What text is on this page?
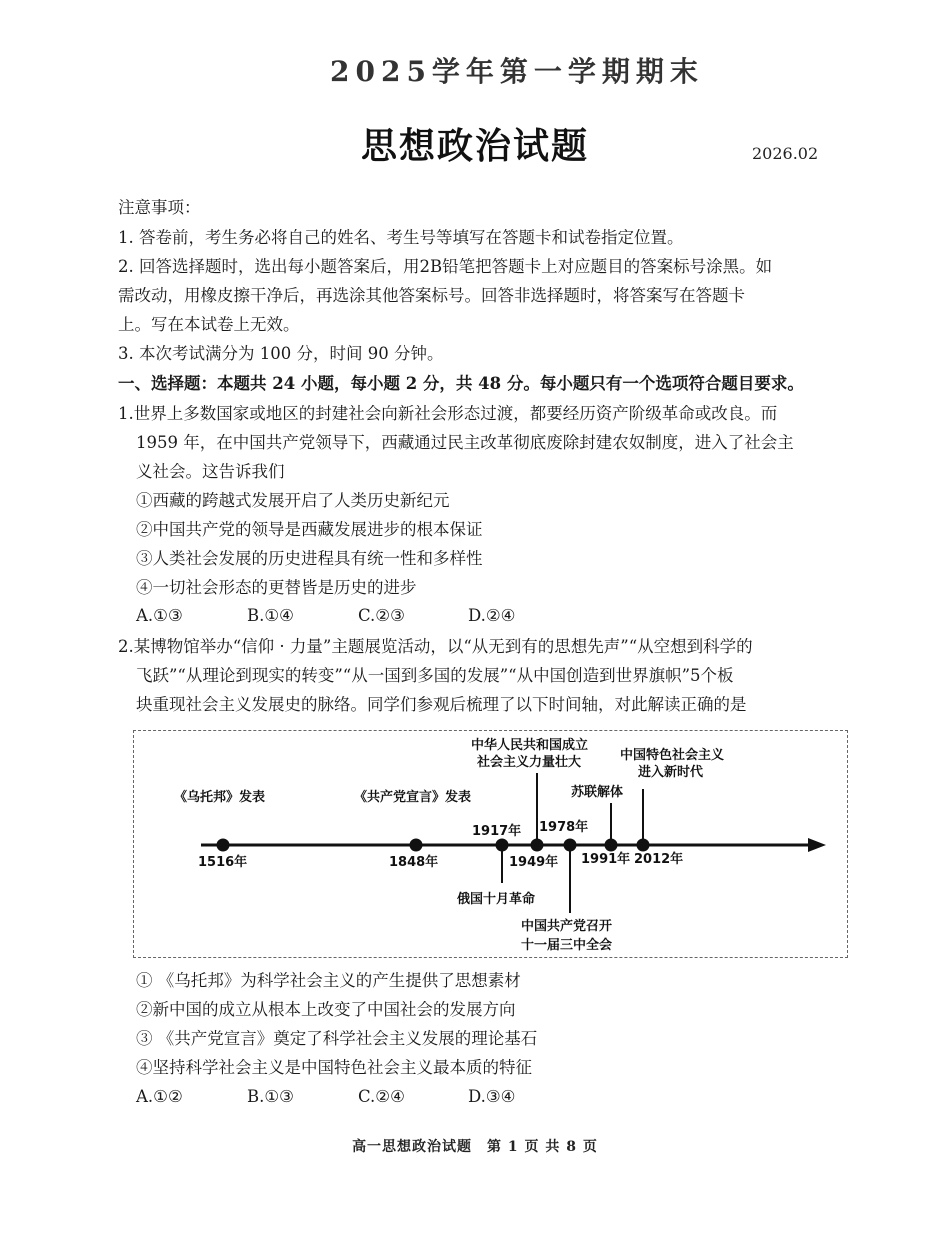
2025学年第一学期期末
思想政治试题	2026.02
注意事项：
1. 答卷前，考生务必将自己的姓名、考生号等填写在答题卡和试卷指定位置。
2. 回答选择题时，选出每小题答案后，用2B铅笔把答题卡上对应题目的答案标号涂黑。如
需改动，用橡皮擦干净后，再选涂其他答案标号。回答非选择题时，将答案写在答题卡
上。写在本试卷上无效。
3. 本次考试满分为 100 分，时间 90 分钟。
一、选择题：本题共 24 小题，每小题 2 分，共 48 分。每小题只有一个选项符合题目要求。
1.世界上多数国家或地区的封建社会向新社会形态过渡，都要经历资产阶级革命或改良。而
1959 年，在中国共产党领导下，西藏通过民主改革彻底废除封建农奴制度，进入了社会主
义社会。这告诉我们
①西藏的跨越式发展开启了人类历史新纪元
②中国共产党的领导是西藏发展进步的根本保证
③人类社会发展的历史进程具有统一性和多样性
④一切社会形态的更替皆是历史的进步
A.①③	B.①④	C.②③	D.②④
2.某博物馆举办“信仰 · 力量”主题展览活动，以“从无到有的思想先声”“从空想到科学的
飞跃”“从理论到现实的转变”“从一国到多国的发展”“从中国创造到世界旗帜”5个板
块重现社会主义发展史的脉络。同学们参观后梳理了以下时间轴，对此解读正确的是
1516年	1848年
1917年
1949年
1978年
1991年 2012年
《乌托邦》发表	《共产党宣言》发表
中华人民共和国成立
社会主义力量壮大	中国特色社会主义
进入新时代
苏联解体
俄国十月革命
中国共产党召开
十一届三中全会
① 《乌托邦》为科学社会主义的产生提供了思想素材
②新中国的成立从根本上改变了中国社会的发展方向
③ 《共产党宣言》奠定了科学社会主义发展的理论基石
④坚持科学社会主义是中国特色社会主义最本质的特征
A.①②	B.①③	C.②④	D.③④
高一思想政治试题　第 1 页 共 8 页
